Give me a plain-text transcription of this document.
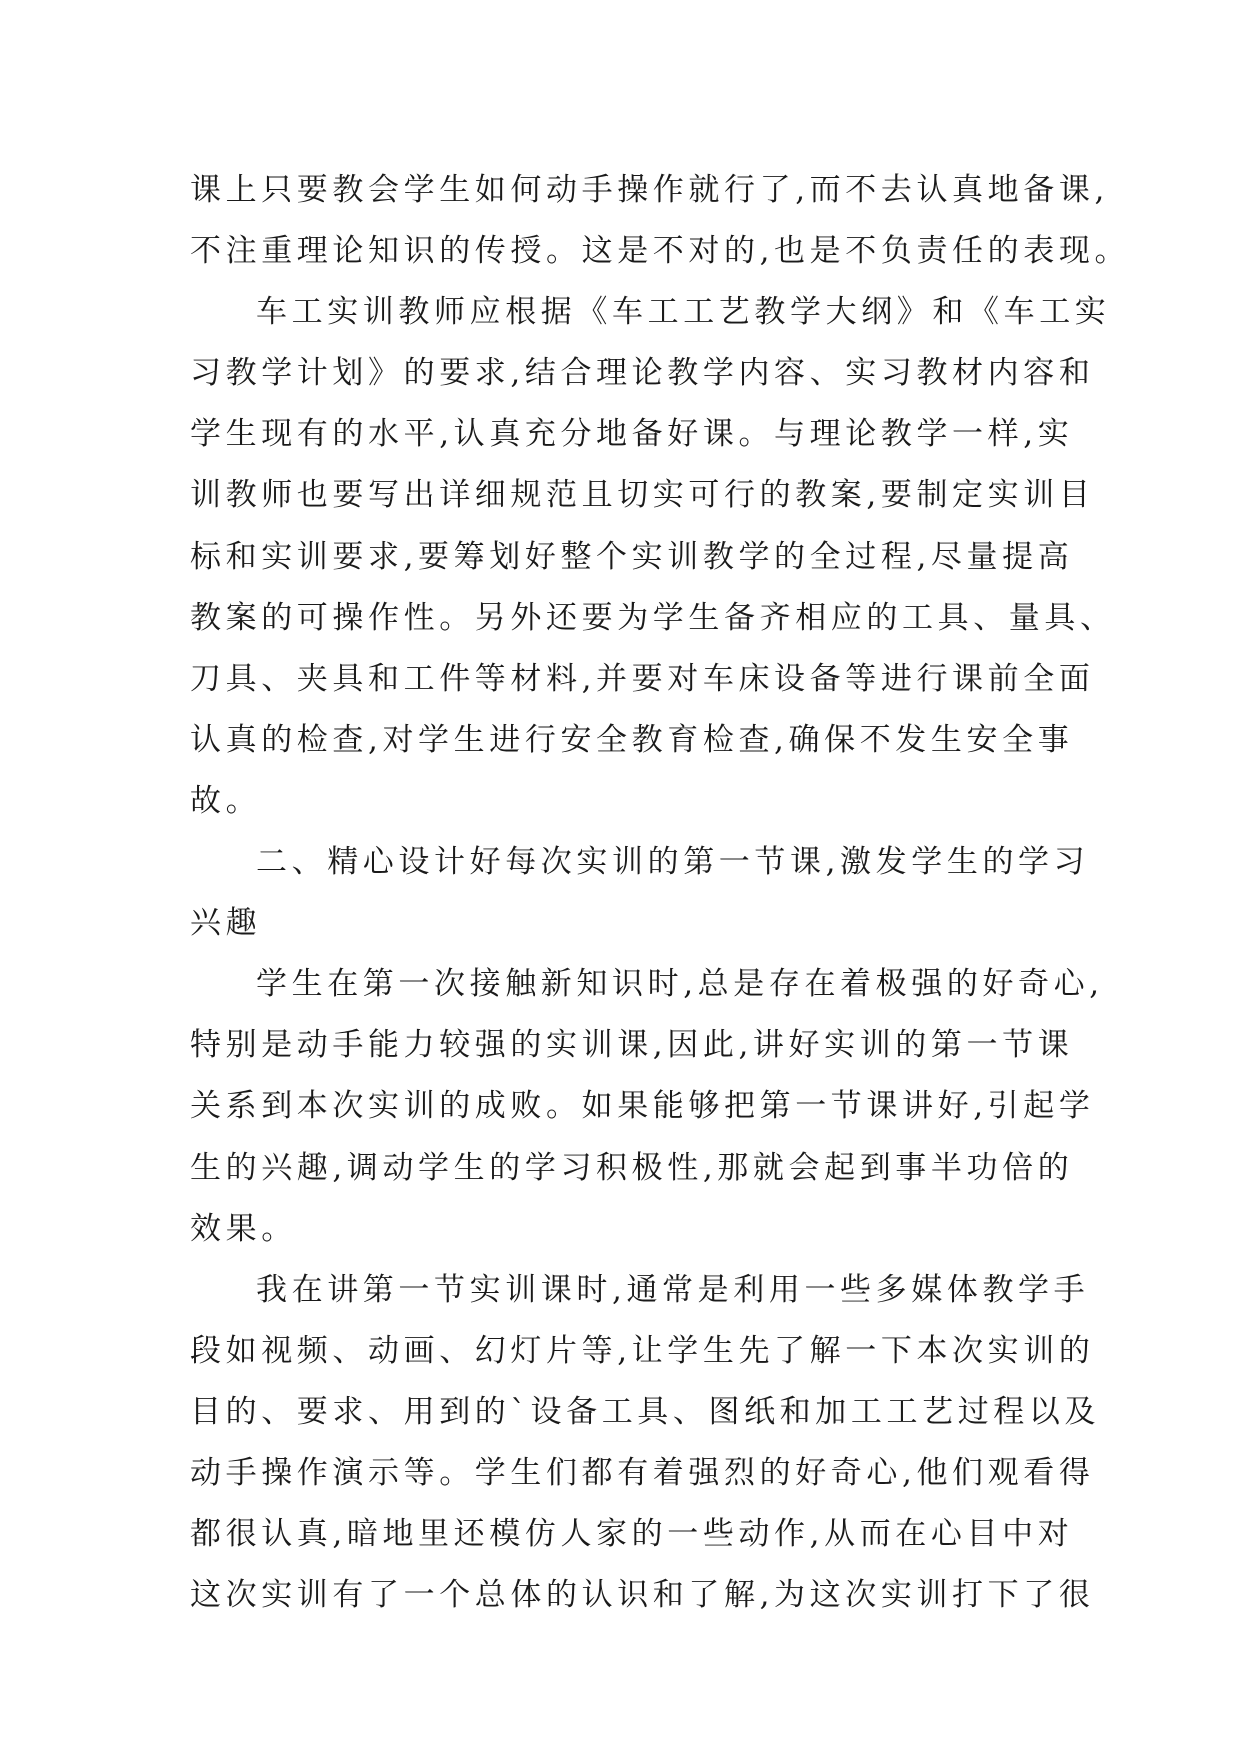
课上只要教会学生如何动手操作就行了,而不去认真地备课,
不注重理论知识的传授。这是不对的,也是不负责任的表现。
车工实训教师应根据《车工工艺教学大纲》和《车工实
习教学计划》的要求,结合理论教学内容、实习教材内容和
学生现有的水平,认真充分地备好课。与理论教学一样,实
训教师也要写出详细规范且切实可行的教案,要制定实训目
标和实训要求,要筹划好整个实训教学的全过程,尽量提高
教案的可操作性。另外还要为学生备齐相应的工具、量具、
刀具、夹具和工件等材料,并要对车床设备等进行课前全面
认真的检查,对学生进行安全教育检查,确保不发生安全事
故。
二、精心设计好每次实训的第一节课,激发学生的学习
兴趣
学生在第一次接触新知识时,总是存在着极强的好奇心,
特别是动手能力较强的实训课,因此,讲好实训的第一节课
关系到本次实训的成败。如果能够把第一节课讲好,引起学
生的兴趣,调动学生的学习积极性,那就会起到事半功倍的
效果。
我在讲第一节实训课时,通常是利用一些多媒体教学手
段如视频、动画、幻灯片等,让学生先了解一下本次实训的
目的、要求、用到的`设备工具、图纸和加工工艺过程以及
动手操作演示等。学生们都有着强烈的好奇心,他们观看得
都很认真,暗地里还模仿人家的一些动作,从而在心目中对
这次实训有了一个总体的认识和了解,为这次实训打下了很
